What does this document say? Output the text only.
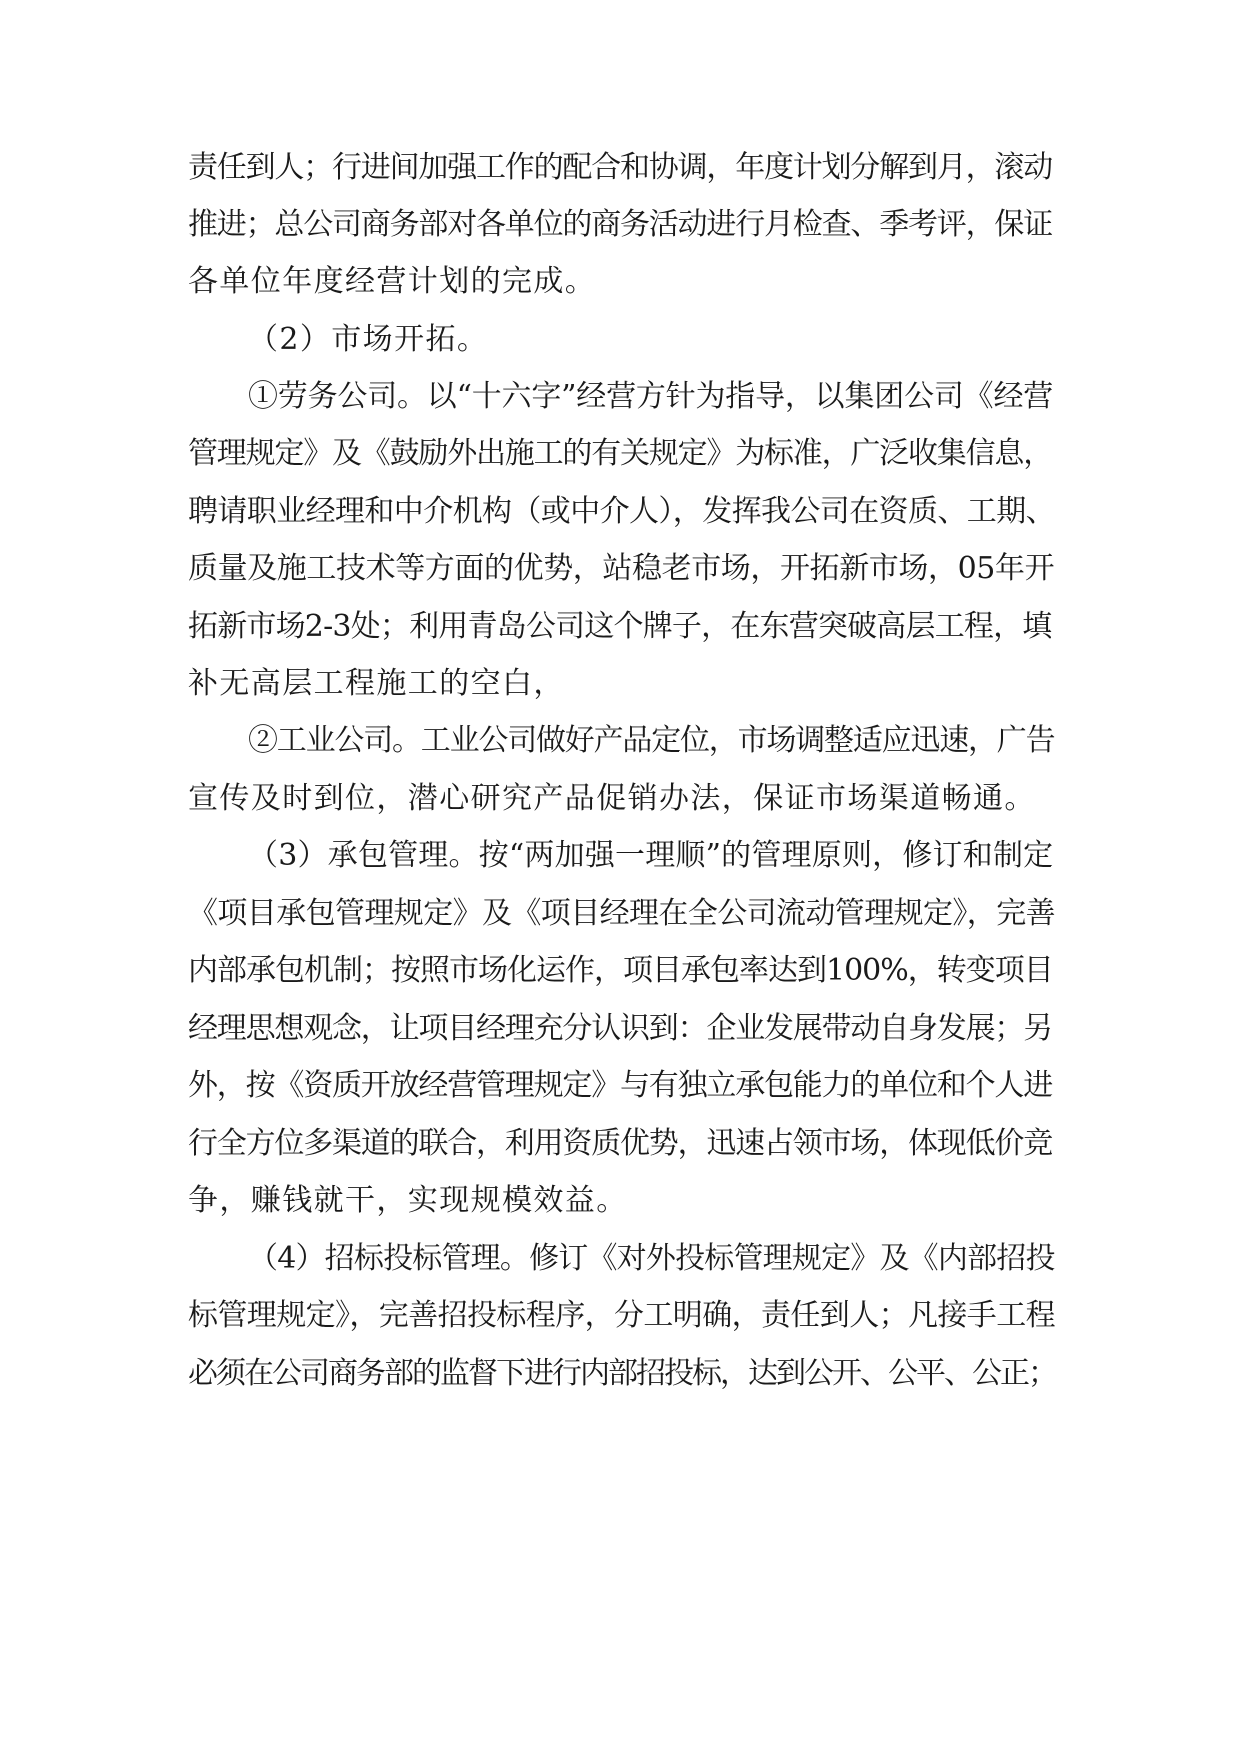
责任到人；行进间加强工作的配合和协调，年度计划分解到月，滚动
推进；总公司商务部对各单位的商务活动进行月检查、季考评，保证
各单位年度经营计划的完成。
（2）市场开拓。
①劳务公司。以“十六字”经营方针为指导，以集团公司《经营
管理规定》及《鼓励外出施工的有关规定》为标准，广泛收集信息，
聘请职业经理和中介机构（或中介人），发挥我公司在资质、工期、
质量及施工技术等方面的优势，站稳老市场，开拓新市场，05年开
拓新市场2-3处；利用青岛公司这个牌子，在东营突破高层工程，填
补无高层工程施工的空白，
②工业公司。工业公司做好产品定位，市场调整适应迅速，广告
宣传及时到位，潜心研究产品促销办法，保证市场渠道畅通。
（3）承包管理。按“两加强一理顺”的管理原则，修订和制定
《项目承包管理规定》及《项目经理在全公司流动管理规定》，完善
内部承包机制；按照市场化运作，项目承包率达到100%，转变项目
经理思想观念，让项目经理充分认识到：企业发展带动自身发展；另
外，按《资质开放经营管理规定》与有独立承包能力的单位和个人进
行全方位多渠道的联合，利用资质优势，迅速占领市场，体现低价竞
争，赚钱就干，实现规模效益。
（4）招标投标管理。修订《对外投标管理规定》及《内部招投
标管理规定》，完善招投标程序，分工明确，责任到人；凡接手工程
必须在公司商务部的监督下进行内部招投标，达到公开、公平、公正；
